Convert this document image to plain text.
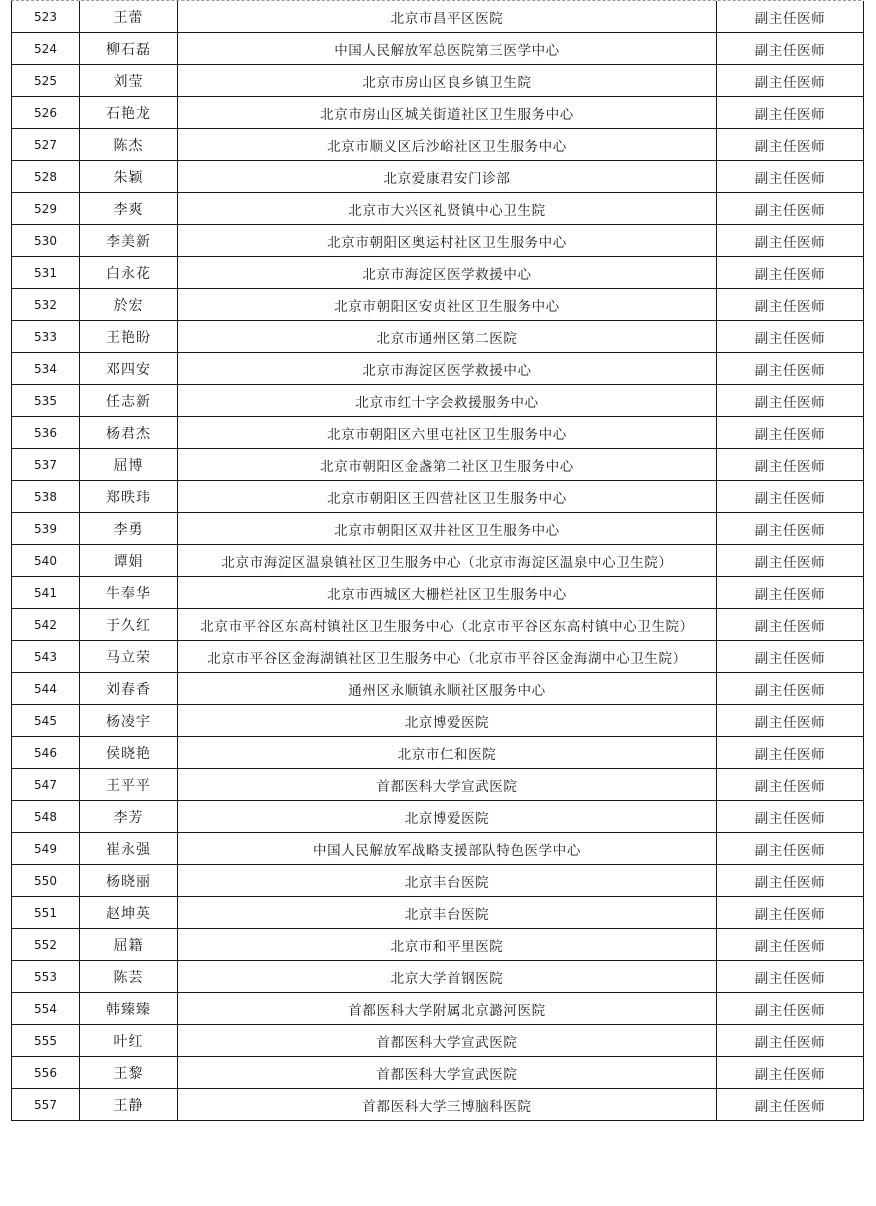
523	王蕾	北京市昌平区医院	副主任医师
524	柳石磊	中国人民解放军总医院第三医学中心	副主任医师
525	刘莹	北京市房山区良乡镇卫生院	副主任医师
526	石艳龙	北京市房山区城关街道社区卫生服务中心	副主任医师
527	陈杰	北京市顺义区后沙峪社区卫生服务中心	副主任医师
528	朱颖	北京爱康君安门诊部	副主任医师
529	李爽	北京市大兴区礼贤镇中心卫生院	副主任医师
530	李美新	北京市朝阳区奥运村社区卫生服务中心	副主任医师
531	白永花	北京市海淀区医学救援中心	副主任医师
532	於宏	北京市朝阳区安贞社区卫生服务中心	副主任医师
533	王艳盼	北京市通州区第二医院	副主任医师
534	邓四安	北京市海淀区医学救援中心	副主任医师
535	任志新	北京市红十字会救援服务中心	副主任医师
536	杨君杰	北京市朝阳区六里屯社区卫生服务中心	副主任医师
537	屈博	北京市朝阳区金盏第二社区卫生服务中心	副主任医师
538	郑昳玮	北京市朝阳区王四营社区卫生服务中心	副主任医师
539	李勇	北京市朝阳区双井社区卫生服务中心	副主任医师
540	谭娟	北京市海淀区温泉镇社区卫生服务中心（北京市海淀区温泉中心卫生院）	副主任医师
541	牛奉华	北京市西城区大栅栏社区卫生服务中心	副主任医师
542	于久红	北京市平谷区东高村镇社区卫生服务中心（北京市平谷区东高村镇中心卫生院）	副主任医师
543	马立荣	北京市平谷区金海湖镇社区卫生服务中心（北京市平谷区金海湖中心卫生院）	副主任医师
544	刘春香	通州区永顺镇永顺社区服务中心	副主任医师
545	杨凌宇	北京博爱医院	副主任医师
546	侯晓艳	北京市仁和医院	副主任医师
547	王平平	首都医科大学宣武医院	副主任医师
548	李芳	北京博爱医院	副主任医师
549	崔永强	中国人民解放军战略支援部队特色医学中心	副主任医师
550	杨晓丽	北京丰台医院	副主任医师
551	赵坤英	北京丰台医院	副主任医师
552	屈籍	北京市和平里医院	副主任医师
553	陈芸	北京大学首钢医院	副主任医师
554	韩臻臻	首都医科大学附属北京潞河医院	副主任医师
555	叶红	首都医科大学宣武医院	副主任医师
556	王黎	首都医科大学宣武医院	副主任医师
557	王静	首都医科大学三博脑科医院	副主任医师
